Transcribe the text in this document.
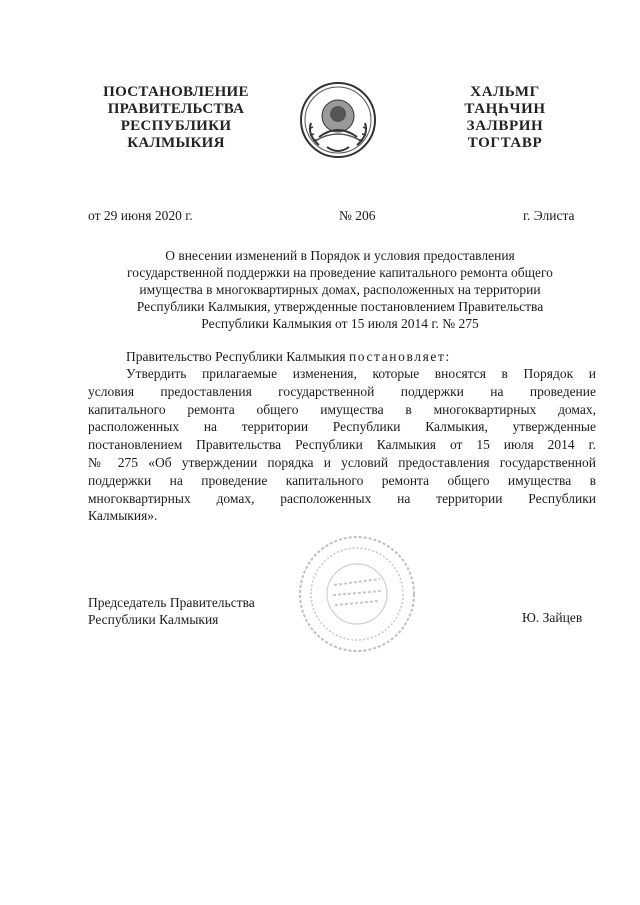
ПОСТАНОВЛЕНИЕ
ПРАВИТЕЛЬСТВА
РЕСПУБЛИКИ
КАЛМЫКИЯ
ХАЛЬМГ
ТАҢҺЧИН
ЗАЛВРИН
ТОГТАВР
от 29 июня 2020 г.	№ 206	г. Элиста
О внесении изменений в Порядок и условия предоставления
государственной поддержки на проведение капитального ремонта общего
имущества в многоквартирных домах, расположенных на территории
Республики Калмыкия, утвержденные постановлением Правительства
Республики Калмыкия от 15 июля 2014 г. № 275
Правительство Республики Калмыкия постановляет:
Утвердить прилагаемые изменения, которые вносятся в Порядок и
условия предоставления государственной поддержки на проведение
капитального ремонта общего имущества в многоквартирных домах,
расположенных на территории Республики Калмыкия, утвержденные
постановлением Правительства Республики Калмыкия от 15 июля 2014 г.
№ 275 «Об утверждении порядка и условий предоставления государственной
поддержки на проведение капитального ремонта общего имущества в
многоквартирных домах, расположенных на территории Республики
Калмыкия».
Председатель Правительства
Республики Калмыкия	Ю. Зайцев
